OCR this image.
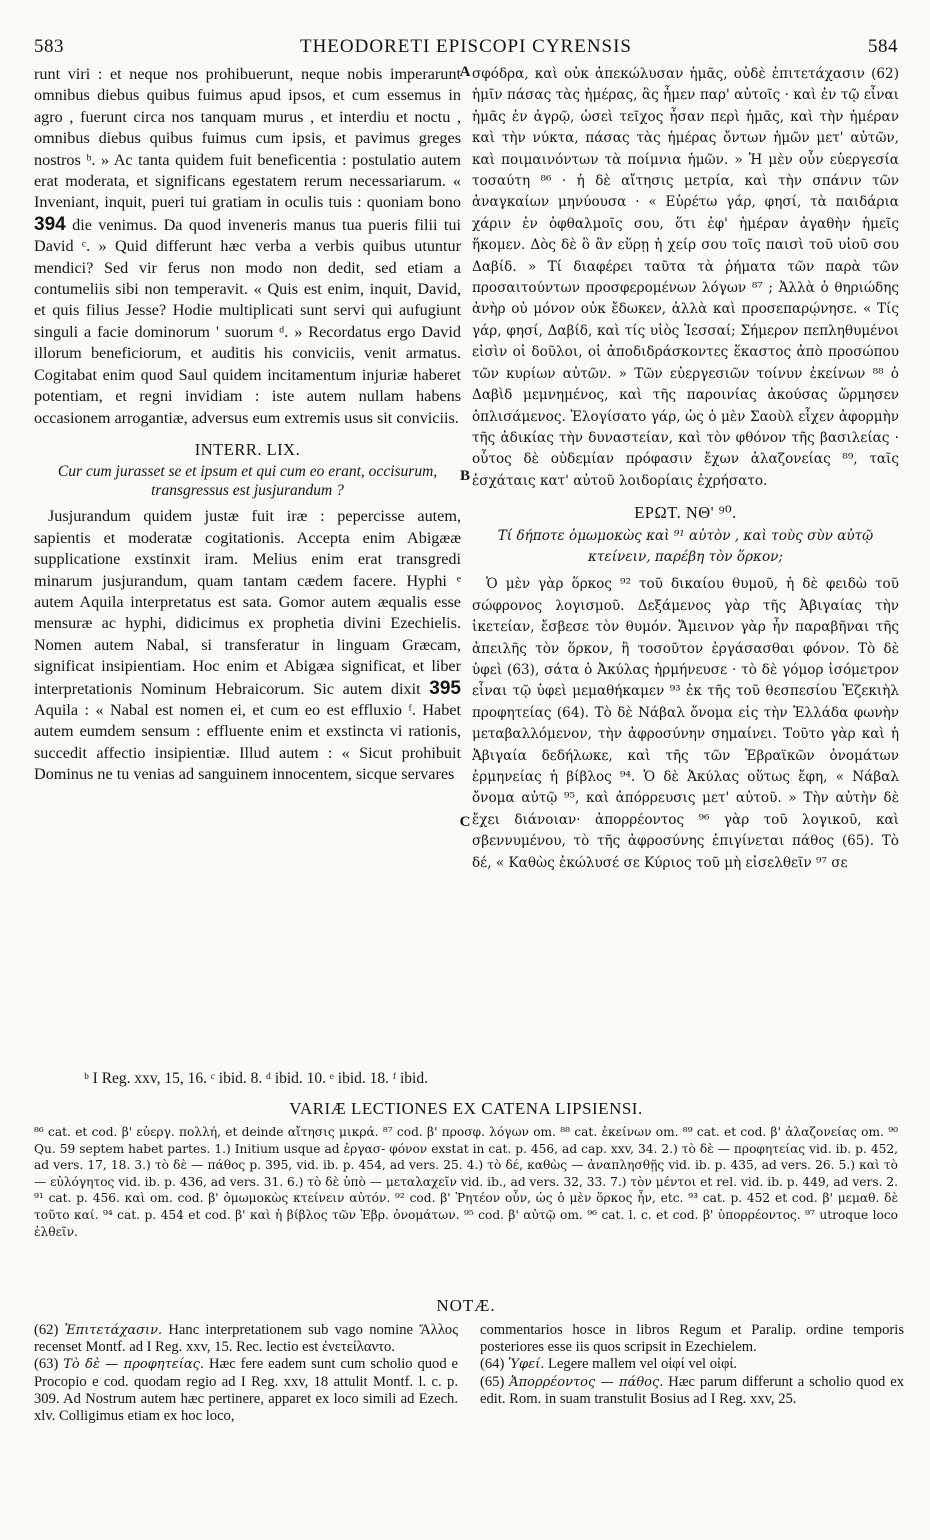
583	THEODORETI EPISCOPI CYRENSIS	584

runt viri : et neque nos prohibuerunt, neque nobis imperarunt omnibus diebus quibus fuimus apud ipsos, et cum essemus in agro , fuerunt circa nos tanquam murus , et interdiu et noctu , omnibus diebus quibus fuimus cum ipsis, et pavimus greges nostros ᵇ. » Ac tanta quidem fuit beneficentia : postulatio autem erat moderata, et significans egestatem rerum necessariarum. « Inveniant, inquit, pueri tui gratiam in oculis tuis : quoniam bono 394 die venimus. Da quod inveneris manus tua pueris filii tui David ᶜ. » Quid differunt hæc verba a verbis quibus utuntur mendici? Sed vir ferus non modo non dedit, sed etiam a contumeliis sibi non temperavit. « Quis est enim, inquit, David, et quis filius Jesse? Hodie multiplicati sunt servi qui aufugiunt singuli a facie dominorum ' suorum ᵈ. » Recordatus ergo David illorum beneficiorum, et auditis his conviciis, venit armatus. Cogitabat enim quod Saul quidem incitamentum injuriæ haberet potentiam, et regni invidiam : iste autem nullam habens occasionem arrogantiæ, adversus eum extremis usus sit conviciis.

INTERR. LIX.
Cur cum jurasset se et ipsum et qui cum eo erant, occisurum, transgressus est jusjurandum ?

Jusjurandum quidem justæ fuit iræ : pepercisse autem, sapientis et moderatæ cogitationis. Accepta enim Abigææ supplicatione exstinxit iram. Melius enim erat transgredi minarum jusjurandum, quam tantam cædem facere. Hyphi ᵉ autem Aquila interpretatus est sata. Gomor autem æqualis esse mensuræ ac hyphi, didicimus ex prophetia divini Ezechielis. Nomen autem Nabal, si transferatur in linguam Græcam, significat insipientiam. Hoc enim et Abigæa significat, et liber interpretationis Nominum Hebraicorum. Sic autem dixit 395 Aquila : « Nabal est nomen ei, et cum eo est effluxio ᶠ. Habet autem eumdem sensum : effluente enim et exstincta vi rationis, succedit affectio insipientiæ. Illud autem : « Sicut prohibuit Dominus ne tu venias ad sanguinem innocentem, sicque servares

A
B
C

σφόδρα, καὶ οὐκ ἀπεκώλυσαν ἡμᾶς, οὐδὲ ἐπιτετάχασιν (62) ἡμῖν πάσας τὰς ἡμέρας, ἃς ἦμεν παρ' αὐτοῖς · καὶ ἐν τῷ εἶναι ἡμᾶς ἐν ἀγρῷ, ὡσεὶ τεῖχος ἦσαν περὶ ἡμᾶς, καὶ τὴν ἡμέραν καὶ τὴν νύκτα, πάσας τὰς ἡμέρας ὄντων ἡμῶν μετ' αὐτῶν, καὶ ποιμαινόντων τὰ ποίμνια ἡμῶν. » Ἡ μὲν οὖν εὐεργεσία τοσαύτη ⁸⁶ · ἡ δὲ αἴτησις μετρία, καὶ τὴν σπάνιν τῶν ἀναγκαίων μηνύουσα · « Εὑρέτω γάρ, φησί, τὰ παιδάρια χάριν ἐν ὀφθαλμοῖς σου, ὅτι ἐφ' ἡμέραν ἀγαθὴν ἡμεῖς ἥκομεν. Δὸς δὲ ὃ ἂν εὕρῃ ἡ χείρ σου τοῖς παισὶ τοῦ υἱοῦ σου Δαβίδ. » Τί διαφέρει ταῦτα τὰ ῥήματα τῶν παρὰ τῶν προσαιτούντων προσφερομένων λόγων ⁸⁷ ; Ἀλλὰ ὁ θηριώδης ἀνὴρ οὐ μόνον οὐκ ἔδωκεν, ἀλλὰ καὶ προσεπαρῴνησε. « Τίς γάρ, φησί, Δαβίδ, καὶ τίς υἱὸς Ἰεσσαί; Σήμερον πεπληθυμένοι εἰσὶν οἱ δοῦλοι, οἱ ἀποδιδράσκοντες ἕκαστος ἀπὸ προσώπου τῶν κυρίων αὐτῶν. » Τῶν εὐεργεσιῶν τοίνυν ἐκείνων ⁸⁸ ὁ Δαβὶδ μεμνημένος, καὶ τῆς παροινίας ἀκούσας ὥρμησεν ὁπλισάμενος. Ἐλογίσατο γάρ, ὡς ὁ μὲν Σαοὺλ εἶχεν ἀφορμὴν τῆς ἀδικίας τὴν δυναστείαν, καὶ τὸν φθόνον τῆς βασιλείας · οὗτος δὲ οὐδεμίαν πρόφασιν ἔχων ἀλαζονείας ⁸⁹, ταῖς ἐσχάταις κατ' αὐτοῦ λοιδορίαις ἐχρήσατο.

ΕΡΩΤ. ΝΘ' ⁹⁰.
Τί δήποτε ὀμωμοκὼς καὶ ⁹¹ αὐτὸν , καὶ τοὺς σὺν αὐτῷ κτείνειν, παρέβη τὸν ὅρκον;

Ὁ μὲν γὰρ ὅρκος ⁹² τοῦ δικαίου θυμοῦ, ἡ δὲ φειδὼ τοῦ σώφρονος λογισμοῦ. Δεξάμενος γὰρ τῆς Ἀβιγαίας τὴν ἱκετείαν, ἔσβεσε τὸν θυμόν. Ἄμεινον γὰρ ἦν παραβῆναι τῆς ἀπειλῆς τὸν ὅρκον, ἢ τοσοῦτον ἐργάσασθαι φόνον. Τὸ δὲ ὑφεὶ (63), σάτα ὁ Ἀκύλας ἡρμήνευσε · τὸ δὲ γόμορ ἰσόμετρον εἶναι τῷ ὑφεὶ μεμαθήκαμεν ⁹³ ἐκ τῆς τοῦ θεσπεσίου Ἐζεκιὴλ προφητείας (64). Τὸ δὲ Νάβαλ ὄνομα εἰς τὴν Ἑλλάδα φωνὴν μεταβαλλόμενον, τὴν ἀφροσύνην σημαίνει. Τοῦτο γὰρ καὶ ἡ Ἀβιγαία δεδήλωκε, καὶ τῆς τῶν Ἑβραϊκῶν ὀνομάτων ἑρμηνείας ἡ βίβλος ⁹⁴. Ὁ δὲ Ἀκύλας οὕτως ἔφη, « Νάβαλ ὄνομα αὐτῷ ⁹⁵, καὶ ἀπόρρευσις μετ' αὐτοῦ. » Τὴν αὐτὴν δὲ ἔχει διάνοιαν· ἀπορρέοντος ⁹⁶ γὰρ τοῦ λογικοῦ, καὶ σβεννυμένου, τὸ τῆς ἀφροσύνης ἐπιγίνεται πάθος (65). Τὸ δέ, « Καθὼς ἐκώλυσέ σε Κύριος τοῦ μὴ εἰσελθεῖν ⁹⁷ σε

ᵇ I Reg. xxv, 15, 16. ᶜ ibid. 8. ᵈ ibid. 10. ᵉ ibid. 18. ᶠ ibid.
VARIÆ LECTIONES EX CATENA LIPSIENSI.
⁸⁶ cat. et cod. β' εὐεργ. πολλή, et deinde αἴτησις μικρά. ⁸⁷ cod. β' προσφ. λόγων om. ⁸⁸ cat. ἐκείνων om. ⁸⁹ cat. et cod. β' ἀλαζονείας om. ⁹⁰ Qu. 59 septem habet partes. 1.) Initium usque ad ἐργασ- φόνον exstat in cat. p. 456, ad cap. xxv, 34. 2.) τὸ δὲ — προφητείας vid. ib. p. 452, ad vers. 17, 18. 3.) τὸ δὲ — πάθος p. 395, vid. ib. p. 454, ad vers. 25. 4.) τὸ δέ, καθὼς — ἀναπλησθῇς vid. ib. p. 435, ad vers. 26. 5.) καὶ τὸ — εὐλόγητος vid. ib. p. 436, ad vers. 31. 6.) τὸ δὲ ὑπὸ — μεταλαχεῖν vid. ib., ad vers. 32, 33. 7.) τὸν μέντοι et rel. vid. ib. p. 449, ad vers. 2. ⁹¹ cat. p. 456. καὶ om. cod. β' ὀμωμοκὼς κτείνειν αὐτόν. ⁹² cod. β' Ῥητέον οὖν, ὡς ὁ μὲν ὅρκος ἦν, etc. ⁹³ cat. p. 452 et cod. β' μεμαθ. δὲ τοῦτο καί. ⁹⁴ cat. p. 454 et cod. β' καὶ ἡ βίβλος τῶν Ἑβρ. ὀνομάτων. ⁹⁵ cod. β' αὐτῷ om. ⁹⁶ cat. l. c. et cod. β' ὑπορρέοντος. ⁹⁷ utroque loco ἐλθεῖν.
NOTÆ.

(62) Ἐπιτετάχασιν. Hanc interpretationem sub vago nomine Ἄλλος recenset Montf. ad I Reg. xxv, 15. Rec. lectio est ἐνετείλαντο.

(63) Τὸ δὲ — προφητείας. Hæc fere eadem sunt cum scholio quod e Procopio e cod. quodam regio ad I Reg. xxv, 18 attulit Montf. l. c. p. 309. Ad Nostrum autem hæc pertinere, apparet ex loco simili ad Ezech. xlv. Colligimus etiam ex hoc loco,

commentarios hosce in libros Regum et Paralip. ordine temporis posteriores esse iis quos scripsit in Ezechielem.

(64) Ὑφεί. Legere mallem vel οἰφί vel οἰφί.

(65) Ἀπορρέοντος — πάθος. Hæc parum differunt a scholio quod ex edit. Rom. in suam transtulit Bosius ad I Reg. xxv, 25.
